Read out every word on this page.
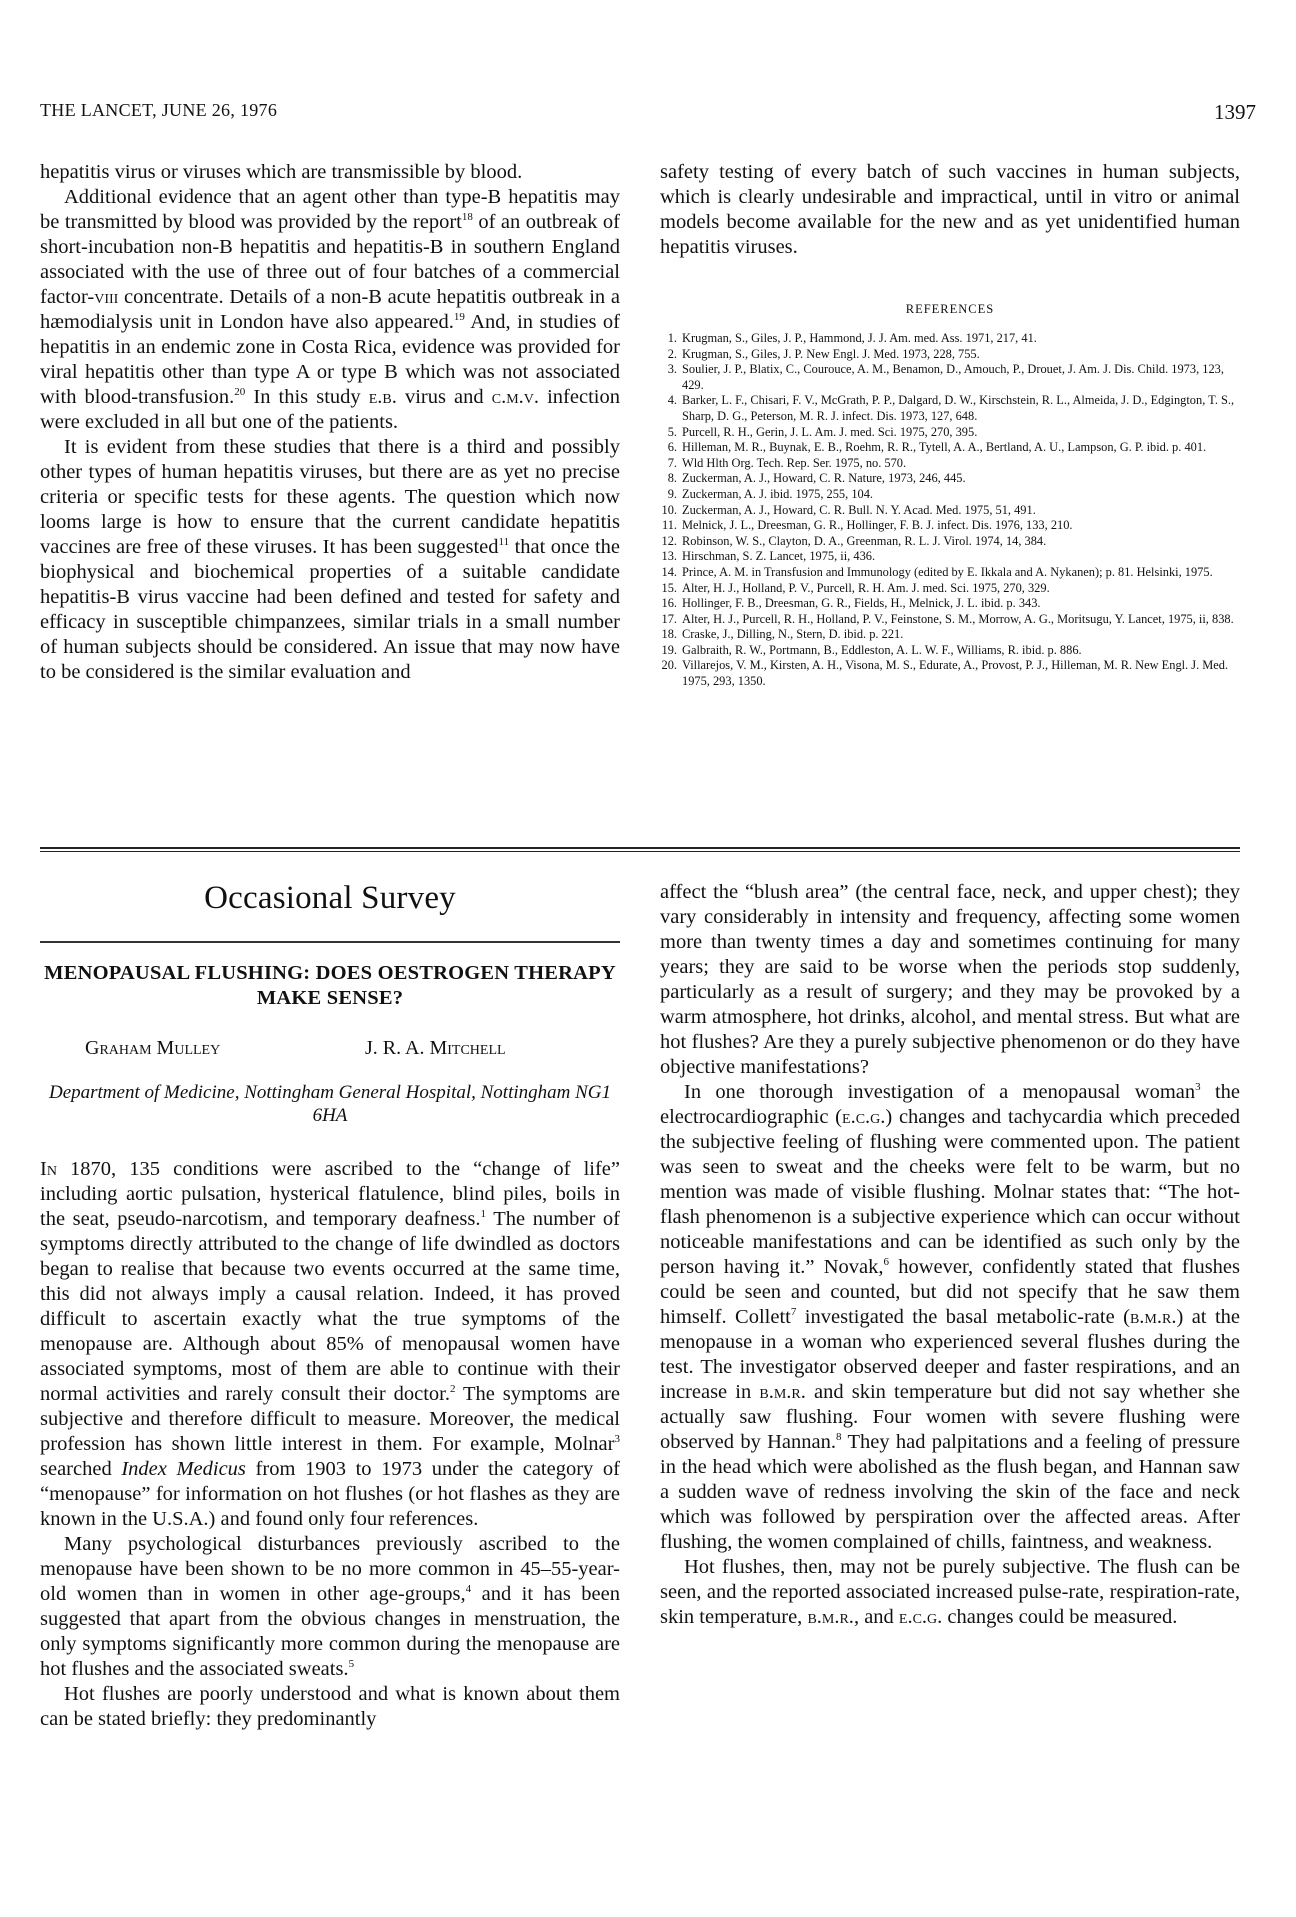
THE LANCET, JUNE 26, 1976	1397

hepatitis virus or viruses which are transmissible by blood.

Additional evidence that an agent other than type-B hepatitis may be transmitted by blood was provided by the report$^{18}$ of an outbreak of short-incubation non-B hepatitis and hepatitis-B in southern England associated with the use of three out of four batches of a commercial factor-viii concentrate. Details of a non-B acute hepatitis outbreak in a hæmodialysis unit in London have also appeared.$^{19}$ And, in studies of hepatitis in an endemic zone in Costa Rica, evidence was provided for viral hepatitis other than type A or type B which was not associated with blood-transfusion.$^{20}$ In this study e.b. virus and c.m.v. infection were excluded in all but one of the patients.

It is evident from these studies that there is a third and possibly other types of human hepatitis viruses, but there are as yet no precise criteria or specific tests for these agents. The question which now looms large is how to ensure that the current candidate hepatitis vaccines are free of these viruses. It has been suggested$^{11}$ that once the biophysical and biochemical properties of a suitable candidate hepatitis-B virus vaccine had been defined and tested for safety and efficacy in susceptible chimpanzees, similar trials in a small number of human subjects should be considered. An issue that may now have to be considered is the similar evaluation and

safety testing of every batch of such vaccines in human subjects, which is clearly undesirable and impractical, until in vitro or animal models become available for the new and as yet unidentified human hepatitis viruses.

REFERENCES
1. Krugman, S., Giles, J. P., Hammond, J. J. Am. med. Ass. 1971, 217, 41.
2. Krugman, S., Giles, J. P. New Engl. J. Med. 1973, 228, 755.
3. Soulier, J. P., Blatix, C., Courouce, A. M., Benamon, D., Amouch, P., Drouet, J. Am. J. Dis. Child. 1973, 123, 429.
4. Barker, L. F., Chisari, F. V., McGrath, P. P., Dalgard, D. W., Kirschstein, R. L., Almeida, J. D., Edgington, T. S., Sharp, D. G., Peterson, M. R. J. infect. Dis. 1973, 127, 648.
5. Purcell, R. H., Gerin, J. L. Am. J. med. Sci. 1975, 270, 395.
6. Hilleman, M. R., Buynak, E. B., Roehm, R. R., Tytell, A. A., Bertland, A. U., Lampson, G. P. ibid. p. 401.
7. Wld Hlth Org. Tech. Rep. Ser. 1975, no. 570.
8. Zuckerman, A. J., Howard, C. R. Nature, 1973, 246, 445.
9. Zuckerman, A. J. ibid. 1975, 255, 104.
10. Zuckerman, A. J., Howard, C. R. Bull. N. Y. Acad. Med. 1975, 51, 491.
11. Melnick, J. L., Dreesman, G. R., Hollinger, F. B. J. infect. Dis. 1976, 133, 210.
12. Robinson, W. S., Clayton, D. A., Greenman, R. L. J. Virol. 1974, 14, 384.
13. Hirschman, S. Z. Lancet, 1975, ii, 436.
14. Prince, A. M. in Transfusion and Immunology (edited by E. Ikkala and A. Nykanen); p. 81. Helsinki, 1975.
15. Alter, H. J., Holland, P. V., Purcell, R. H. Am. J. med. Sci. 1975, 270, 329.
16. Hollinger, F. B., Dreesman, G. R., Fields, H., Melnick, J. L. ibid. p. 343.
17. Alter, H. J., Purcell, R. H., Holland, P. V., Feinstone, S. M., Morrow, A. G., Moritsugu, Y. Lancet, 1975, ii, 838.
18. Craske, J., Dilling, N., Stern, D. ibid. p. 221.
19. Galbraith, R. W., Portmann, B., Eddleston, A. L. W. F., Williams, R. ibid. p. 886.
20. Villarejos, V. M., Kirsten, A. H., Visona, M. S., Edurate, A., Provost, P. J., Hilleman, M. R. New Engl. J. Med. 1975, 293, 1350.
Occasional Survey
MENOPAUSAL FLUSHING: DOES OESTROGEN THERAPY MAKE SENSE?
Graham Mulley	J. R. A. Mitchell
Department of Medicine, Nottingham General Hospital, Nottingham NG1 6HA

In 1870, 135 conditions were ascribed to the “change of life” including aortic pulsation, hysterical flatulence, blind piles, boils in the seat, pseudo-narcotism, and temporary deafness.$^1$ The number of symptoms directly attributed to the change of life dwindled as doctors began to realise that because two events occurred at the same time, this did not always imply a causal relation. Indeed, it has proved difficult to ascertain exactly what the true symptoms of the menopause are. Although about 85% of menopausal women have associated symptoms, most of them are able to continue with their normal activities and rarely consult their doctor.$^2$ The symptoms are subjective and therefore difficult to measure. Moreover, the medical profession has shown little interest in them. For example, Molnar$^3$ searched Index Medicus from 1903 to 1973 under the category of “menopause” for information on hot flushes (or hot flashes as they are known in the U.S.A.) and found only four references.

Many psychological disturbances previously ascribed to the menopause have been shown to be no more common in 45–55-year-old women than in women in other age-groups,$^4$ and it has been suggested that apart from the obvious changes in menstruation, the only symptoms significantly more common during the menopause are hot flushes and the associated sweats.$^5$

Hot flushes are poorly understood and what is known about them can be stated briefly: they predominantly

affect the “blush area” (the central face, neck, and upper chest); they vary considerably in intensity and frequency, affecting some women more than twenty times a day and sometimes continuing for many years; they are said to be worse when the periods stop suddenly, particularly as a result of surgery; and they may be provoked by a warm atmosphere, hot drinks, alcohol, and mental stress. But what are hot flushes? Are they a purely subjective phenomenon or do they have objective manifestations?

In one thorough investigation of a menopausal woman$^3$ the electrocardiographic (e.c.g.) changes and tachycardia which preceded the subjective feeling of flushing were commented upon. The patient was seen to sweat and the cheeks were felt to be warm, but no mention was made of visible flushing. Molnar states that: “The hot-flash phenomenon is a subjective experience which can occur without noticeable manifestations and can be identified as such only by the person having it.” Novak,$^6$ however, confidently stated that flushes could be seen and counted, but did not specify that he saw them himself. Collett$^7$ investigated the basal metabolic-rate (b.m.r.) at the menopause in a woman who experienced several flushes during the test. The investigator observed deeper and faster respirations, and an increase in b.m.r. and skin temperature but did not say whether she actually saw flushing. Four women with severe flushing were observed by Hannan.$^8$ They had palpitations and a feeling of pressure in the head which were abolished as the flush began, and Hannan saw a sudden wave of redness involving the skin of the face and neck which was followed by perspiration over the affected areas. After flushing, the women complained of chills, faintness, and weakness.

Hot flushes, then, may not be purely subjective. The flush can be seen, and the reported associated increased pulse-rate, respiration-rate, skin temperature, b.m.r., and e.c.g. changes could be measured.
